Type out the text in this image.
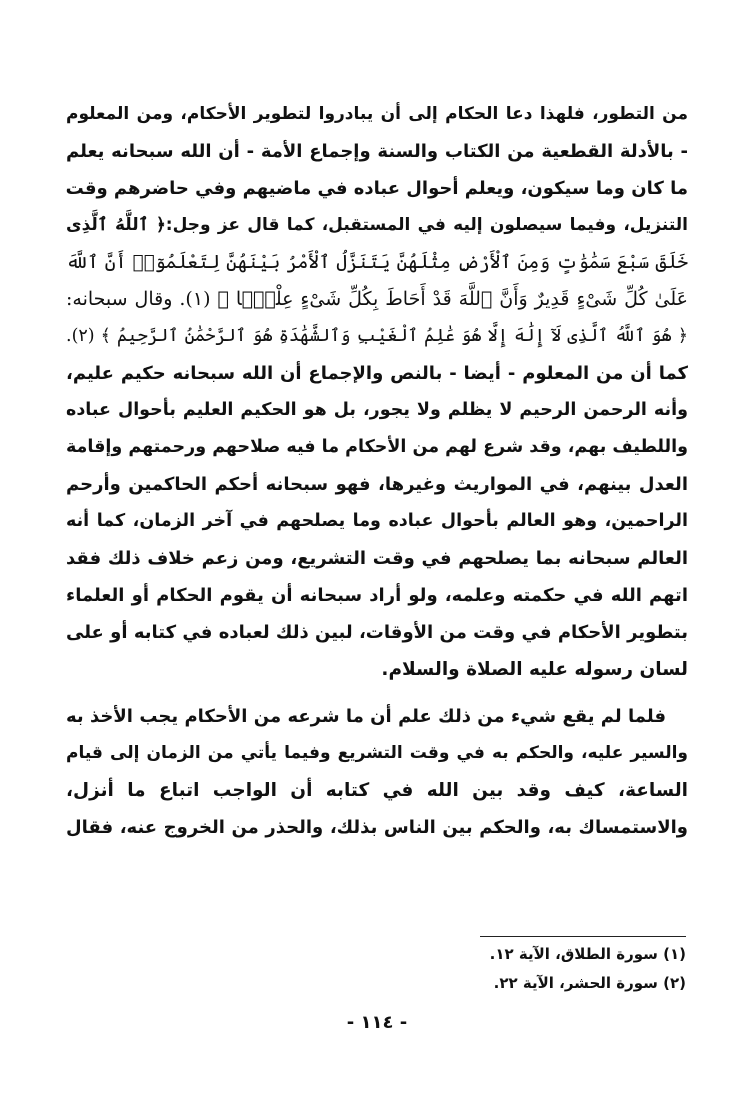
من التطور، فلهذا دعا الحكام إلى أن يبادروا لتطوير الأحكام، ومن المعلوم
- بالأدلة القطعية من الكتاب والسنة وإجماع الأمة - أن الله سبحانه يعلم
ما كان وما سيكون، ويعلم أحوال عباده في ماضيهم وفي حاضرهم وقت
التنزيل، وفيما سيصلون إليه في المستقبل، كما قال عز وجل:﴿ ٱللَّهُ ٱلَّذِى
خَلَقَ سَبْعَ سَمَٰوَٰتٍ وَمِنَ ٱلْأَرْضِ مِثْلَهُنَّ يَتَنَزَّلُ ٱلْأَمْرُ بَيْنَهُنَّ لِتَعْلَمُوٓا۟ أَنَّ ٱللَّهَ
عَلَىٰ كُلِّ شَىْءٍ قَدِيرٌ وَأَنَّ ٱللَّهَ قَدْ أَحَاطَ بِكُلِّ شَىْءٍ عِلْمًۢا ﴾ (١). وقال سبحانه:
﴿ هُوَ ٱللَّهُ ٱلَّذِى لَآ إِلَٰهَ إِلَّا هُوَ عَٰلِمُ ٱلْغَيْبِ وَٱلشَّهَٰدَةِ هُوَ ٱلرَّحْمَٰنُ ٱلرَّحِيمُ ﴾ (٢).
كما أن من المعلوم - أيضا - بالنص والإجماع أن الله سبحانه حكيم عليم،
وأنه الرحمن الرحيم لا يظلم ولا يجور، بل هو الحكيم العليم بأحوال عباده
واللطيف بهم، وقد شرع لهم من الأحكام ما فيه صلاحهم ورحمتهم وإقامة
العدل بينهم، في المواريث وغيرها، فهو سبحانه أحكم الحاكمين وأرحم
الراحمين، وهو العالم بأحوال عباده وما يصلحهم في آخر الزمان، كما أنه
العالم سبحانه بما يصلحهم في وقت التشريع، ومن زعم خلاف ذلك فقد
اتهم الله في حكمته وعلمه، ولو أراد سبحانه أن يقوم الحكام أو العلماء
بتطوير الأحكام في وقت من الأوقات، لبين ذلك لعباده في كتابه أو على
لسان رسوله عليه الصلاة والسلام.
فلما لم يقع شيء من ذلك علم أن ما شرعه من الأحكام يجب الأخذ به
والسير عليه، والحكم به في وقت التشريع وفيما يأتي من الزمان إلى قيام
الساعة، كيف وقد بين الله في كتابه أن الواجب اتباع ما أنزل،
والاستمساك به، والحكم بين الناس بذلك، والحذر من الخروج عنه، فقال
(١) سورة الطلاق، الآية ١٢.
(٢) سورة الحشر، الآية ٢٢.
- ١١٤ -
